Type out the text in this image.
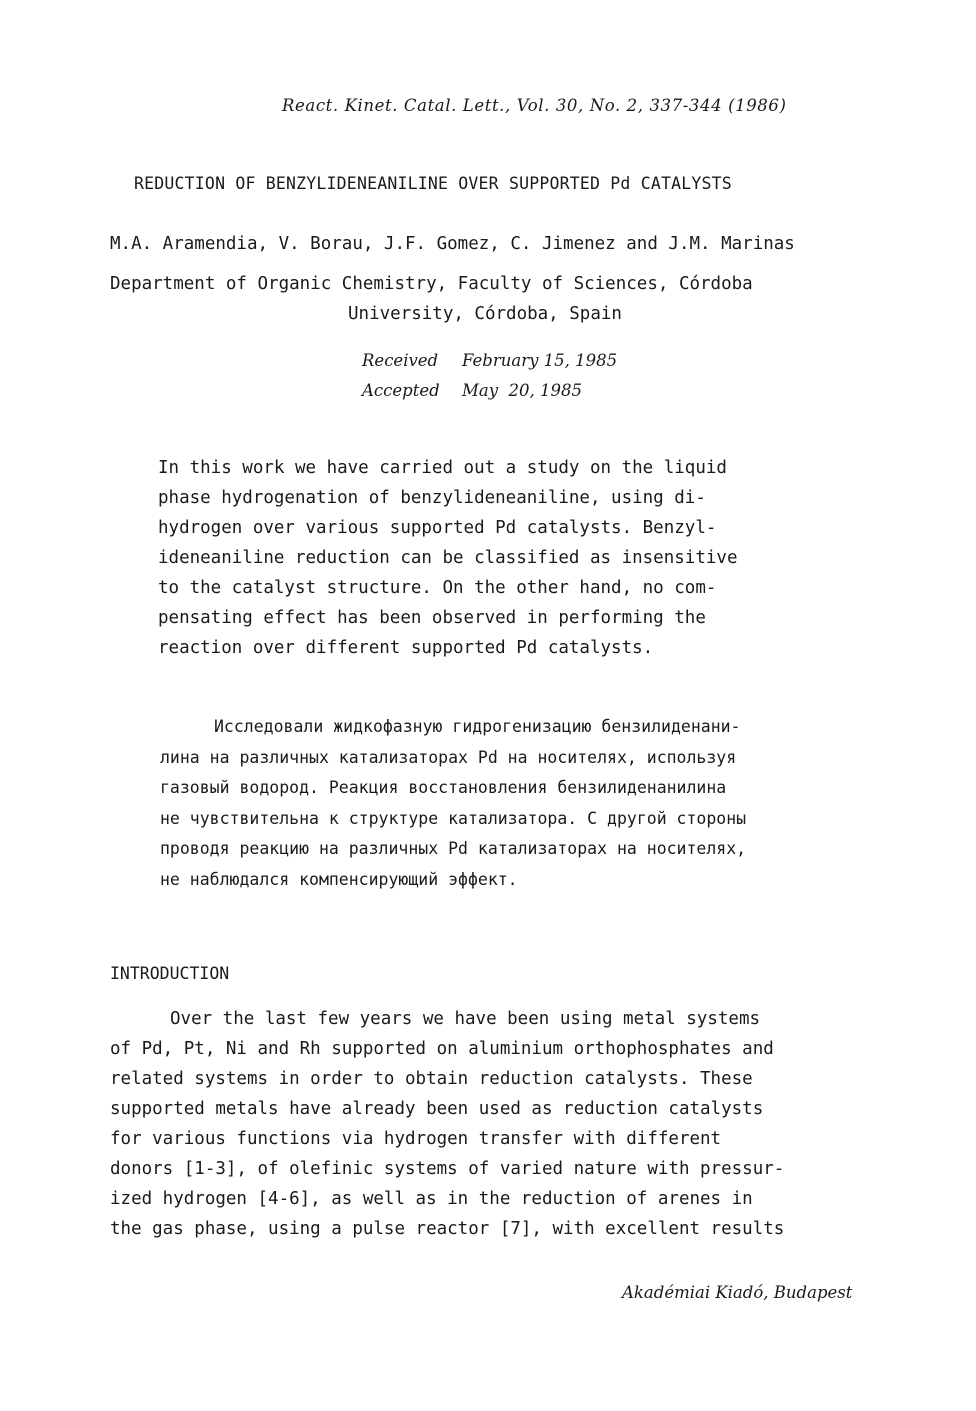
React. Kinet. Catal. Lett., Vol. 30, No. 2, 337-344 (1986)

REDUCTION OF BENZYLIDENEANILINE OVER SUPPORTED Pd CATALYSTS

M.A. Aramendia, V. Borau, J.F. Gomez, C. Jimenez and J.M. Marinas

Department of Organic Chemistry, Faculty of Sciences, Córdoba

University, Córdoba, Spain

Received February 15, 1985

Accepted May  20, 1985

In this work we have carried out a study on the liquid
phase hydrogenation of benzylideneaniline, using di-
hydrogen over various supported Pd catalysts. Benzyl-
ideneaniline reduction can be classified as insensitive
to the catalyst structure. On the other hand, no com-
pensating effect has been observed in performing the
reaction over different supported Pd catalysts.
Исследовали жидкофазную гидрогенизацию бензилиденани-
лина на различных катализаторах Pd на носителях, используя
газовый водород. Реакция восстановления бензилиденанилина
не чувствительна к структуре катализатора. С другой стороны
проводя реакцию на различных Pd катализаторах на носителях,
не наблюдался компенсирующий эффект.

INTRODUCTION

Over the last few years we have been using metal systems
of Pd, Pt, Ni and Rh supported on aluminium orthophosphates and
related systems in order to obtain reduction catalysts. These
supported metals have already been used as reduction catalysts
for various functions via hydrogen transfer with different
donors [1-3], of olefinic systems of varied nature with pressur-
ized hydrogen [4-6], as well as in the reduction of arenes in
the gas phase, using a pulse reactor [7], with excellent results

Akadémiai Kiadó, Budapest
